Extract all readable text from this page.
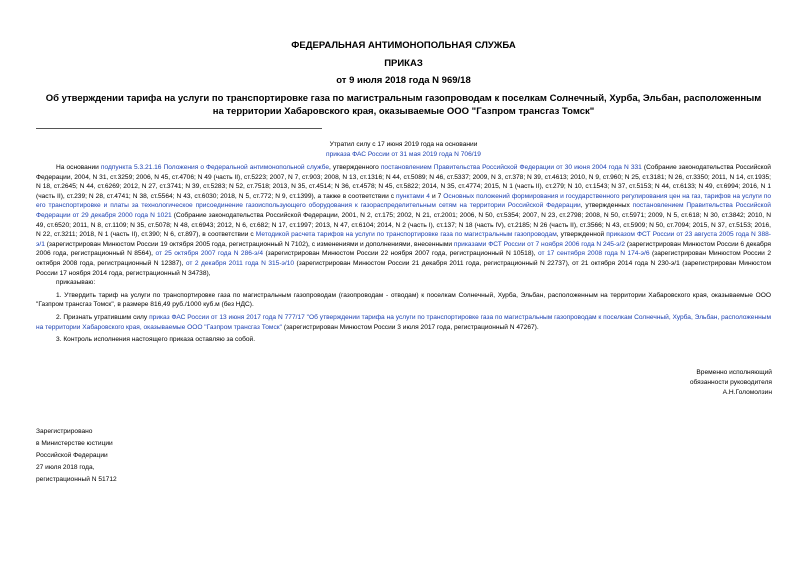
ФЕДЕРАЛЬНАЯ АНТИМОНОПОЛЬНАЯ СЛУЖБА
ПРИКАЗ
от 9 июля 2018 года N 969/18
Об утверждении тарифа на услуги по транспортировке газа по магистральным газопроводам к поселкам Солнечный, Хурба, Эльбан, расположенным на территории Хабаровского края, оказываемые ООО "Газпром трансгаз Томск"
Утратил силу с 17 июня 2019 года на основании
приказа ФАС России от 31 мая 2019 года N 706/19

На основании подпункта 5.3.21.16 Положения о Федеральной антимонопольной службе, утвержденного постановлением Правительства Российской Федерации от 30 июня 2004 года N 331 (Собрание законодательства Российской Федерации, 2004, N 31, ст.3259; 2006, N 45, ст.4706; N 49 (часть II), ст.5223; 2007, N 7, ст.903; 2008, N 13, ст.1316; N 44, ст.5089; N 46, ст.5337; 2009, N 3, ст.378; N 39, ст.4613; 2010, N 9, ст.960; N 25, ст.3181; N 26, ст.3350; 2011, N 14, ст.1935; N 18, ст.2645; N 44, ст.6269; 2012, N 27, ст.3741; N 39, ст.5283; N 52, ст.7518; 2013, N 35, ст.4514; N 36, ст.4578; N 45, ст.5822; 2014, N 35, ст.4774; 2015, N 1 (часть II), ст.279; N 10, ст.1543; N 37, ст.5153; N 44, ст.6133; N 49, ст.6994; 2016, N 1 (часть II), ст.239; N 28, ст.4741; N 38, ст.5564; N 43, ст.6030; 2018, N 5, ст.772; N 9, ст.1399), а также в соответствии с пунктами 4 и 7 Основных положений формирования и государственного регулирования цен на газ, тарифов на услуги по его транспортировке и платы за технологическое присоединение газоиспользующего оборудования к газораспределительным сетям на территории Российской Федерации, утвержденных постановлением Правительства Российской Федерации от 29 декабря 2000 года N 1021 (Собрание законодательства Российской Федерации, 2001, N 2, ст.175; 2002, N 21, ст.2001; 2006, N 50, ст.5354; 2007, N 23, ст.2798; 2008, N 50, ст.5971; 2009, N 5, ст.618; N 30, ст.3842; 2010, N 49, ст.6520; 2011, N 8, ст.1109; N 35, ст.5078; N 48, ст.6943; 2012, N 6, ст.682; N 17, ст.1997; 2013, N 47, ст.6104; 2014, N 2 (часть I), ст.137; N 18 (часть IV), ст.2185; N 26 (часть II), ст.3566; N 43, ст.5909; N 50, ст.7094; 2015, N 37, ст.5153; 2016, N 22, ст.3211; 2018, N 1 (часть II), ст.390; N 6, ст.897), в соответствии с Методикой расчета тарифов на услуги по транспортировке газа по магистральным газопроводам, утвержденной приказом ФСТ России от 23 августа 2005 года N 388-э/1 (зарегистрирован Минюстом России 19 октября 2005 года, регистрационный N 7102), с изменениями и дополнениями, внесенными приказами ФСТ России от 7 ноября 2006 года N 245-э/2 (зарегистрирован Минюстом России 6 декабря 2006 года, регистрационный N 8564), от 25 октября 2007 года N 286-э/4 (зарегистрирован Минюстом России 22 ноября 2007 года, регистрационный N 10518), от 17 сентября 2008 года N 174-э/6 (зарегистрирован Минюстом России 2 октября 2008 года, регистрационный N 12387), от 2 декабря 2011 года N 315-э/10 (зарегистрирован Минюстом России 21 декабря 2011 года, регистрационный N 22737), от 21 октября 2014 года N 230-э/1 (зарегистрирован Минюстом России 17 ноября 2014 года, регистрационный N 34738),

приказываю:

1. Утвердить тариф на услуги по транспортировке газа по магистральным газопроводам (газопроводам - отводам) к поселкам Солнечный, Хурба, Эльбан, расположенным на территории Хабаровского края, оказываемые ООО "Газпром трансгаз Томск", в размере 816,49 руб./1000 куб.м (без НДС).

2. Признать утратившим силу приказ ФАС России от 13 июня 2017 года N 777/17 "Об утверждении тарифа на услуги по транспортировке газа по магистральным газопроводам к поселкам Солнечный, Хурба, Эльбан, расположенным на территории Хабаровского края, оказываемые ООО "Газпром трансгаз Томск" (зарегистрирован Минюстом России 3 июля 2017 года, регистрационный N 47267).

3. Контроль исполнения настоящего приказа оставляю за собой.

Временно исполняющий
обязанности руководителя
А.Н.Голомолзин
Зарегистрировано
в Министерстве юстиции
Российской Федерации
27 июля 2018 года,
регистрационный N 51712
